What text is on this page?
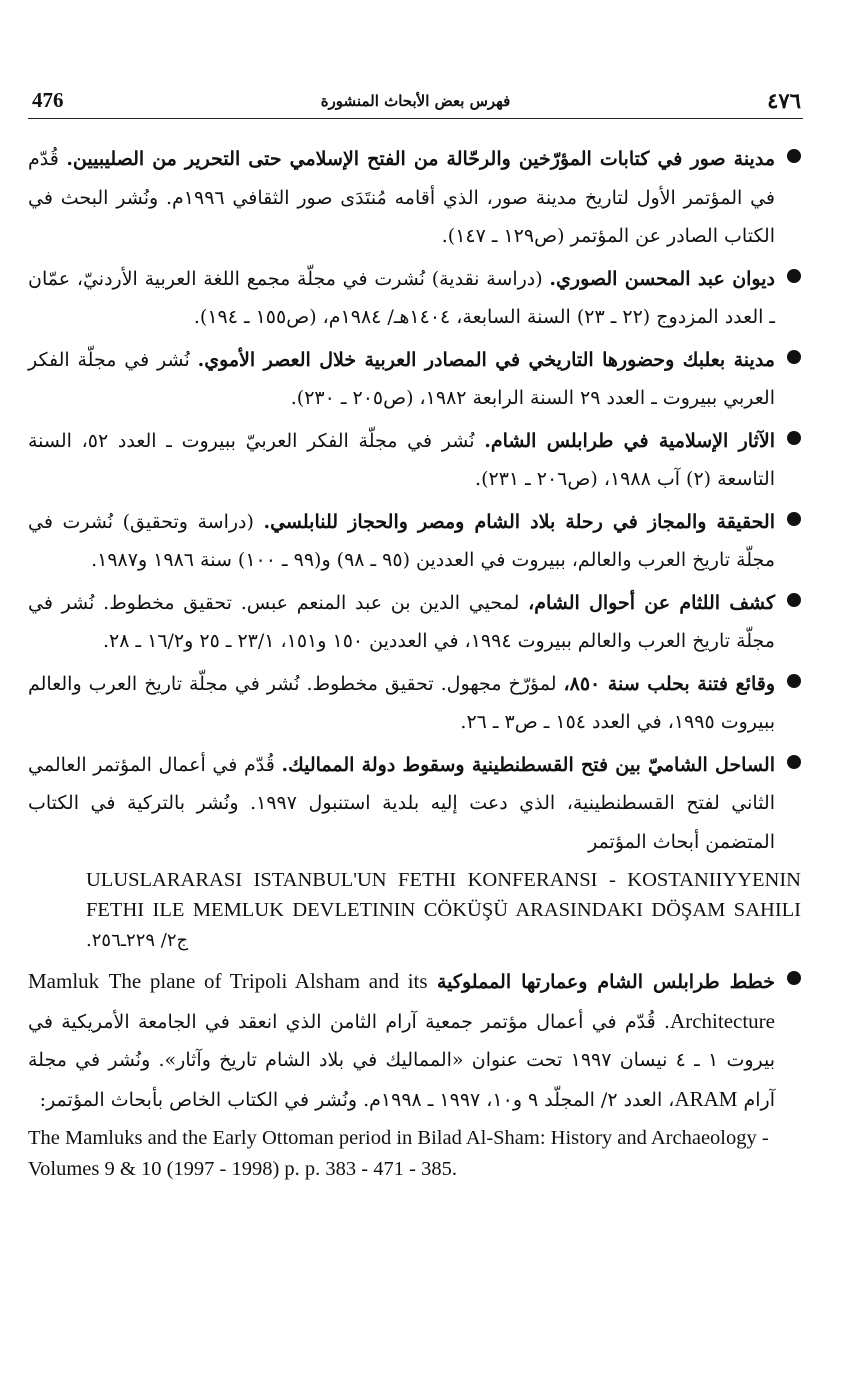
476	فهرس بعض الأبحاث المنشورة	٤٧٦
مدينة صور في كتابات المؤرّخين والرحّالة من الفتح الإسلامي حتى التحرير من الصليبيين. قُدّم في المؤتمر الأول لتاريخ مدينة صور، الذي أقامه مُنتَدَى صور الثقافي ١٩٩٦م. ونُشر البحث في الكتاب الصادر عن المؤتمر (ص١٢٩ ـ ١٤٧).
ديوان عبد المحسن الصوري. (دراسة نقدية) نُشرت في مجلّة مجمع اللغة العربية الأردنيّ، عمّان ـ العدد المزدوج (٢٢ ـ ٢٣) السنة السابعة، ١٤٠٤هـ/ ١٩٨٤م، (ص١٥٥ ـ ١٩٤).
مدينة بعلبك وحضورها التاريخي في المصادر العربية خلال العصر الأموي. نُشر في مجلّة الفكر العربي ببيروت ـ العدد ٢٩ السنة الرابعة ١٩٨٢، (ص٢٠٥ ـ ٢٣٠).
الآثار الإسلامية في طرابلس الشام. نُشر في مجلّة الفكر العربيّ ببيروت ـ العدد ٥٢، السنة التاسعة (٢) آب ١٩٨٨، (ص٢٠٦ ـ ٢٣١).
الحقيقة والمجاز في رحلة بلاد الشام ومصر والحجاز للنابلسي. (دراسة وتحقيق) نُشرت في مجلّة تاريخ العرب والعالم، ببيروت في العددين (٩٥ ـ ٩٨) و(٩٩ ـ ١٠٠) سنة ١٩٨٦ و١٩٨٧.
كشف اللثام عن أحوال الشام، لمحيي الدين بن عبد المنعم عبس. تحقيق مخطوط. نُشر في مجلّة تاريخ العرب والعالم ببيروت ١٩٩٤، في العددين ١٥٠ و١٥١، ٢٣/١ ـ ٢٥ و١٦/٢ ـ ٢٨.
وقائع فتنة بحلب سنة ٨٥٠، لمؤرّخ مجهول. تحقيق مخطوط. نُشر في مجلّة تاريخ العرب والعالم ببيروت ١٩٩٥، في العدد ١٥٤ ـ ص٣ ـ ٢٦.
الساحل الشاميّ بين فتح القسطنطينية وسقوط دولة المماليك. قُدّم في أعمال المؤتمر العالمي الثاني لفتح القسطنطينية، الذي دعت إليه بلدية استنبول ١٩٩٧. ونُشر بالتركية في الكتاب المتضمن أبحاث المؤتمر
ULUSLARARASI ISTANBUL'UN FETHI KONFERANSI - KOSTANIIYYENIN FETHI ILE MEMLUK DEVLETININ CÖKÜŞÜ ARASINDAKI DÖŞAM SAHILI ج٢/ ٢٢٩ـ٢٥٦.
خطط طرابلس الشام وعمارتها المملوكية The plane of Tripoli Alsham and its Mamluk Architecture. قُدّم في أعمال مؤتمر جمعية آرام الثامن الذي انعقد في الجامعة الأمريكية في بيروت ١ ـ ٤ نيسان ١٩٩٧ تحت عنوان «المماليك في بلاد الشام تاريخ وآثار». ونُشر في مجلة آرام ARAM، العدد ٢/ المجلّد ٩ و١٠، ١٩٩٧ ـ ١٩٩٨م. ونُشر في الكتاب الخاص بأبحاث المؤتمر:
The Mamluks and the Early Ottoman period in Bilad Al-Sham: History and Archaeology - Volumes 9 & 10 (1997 - 1998) p. p. 383 - 471 - 385.
